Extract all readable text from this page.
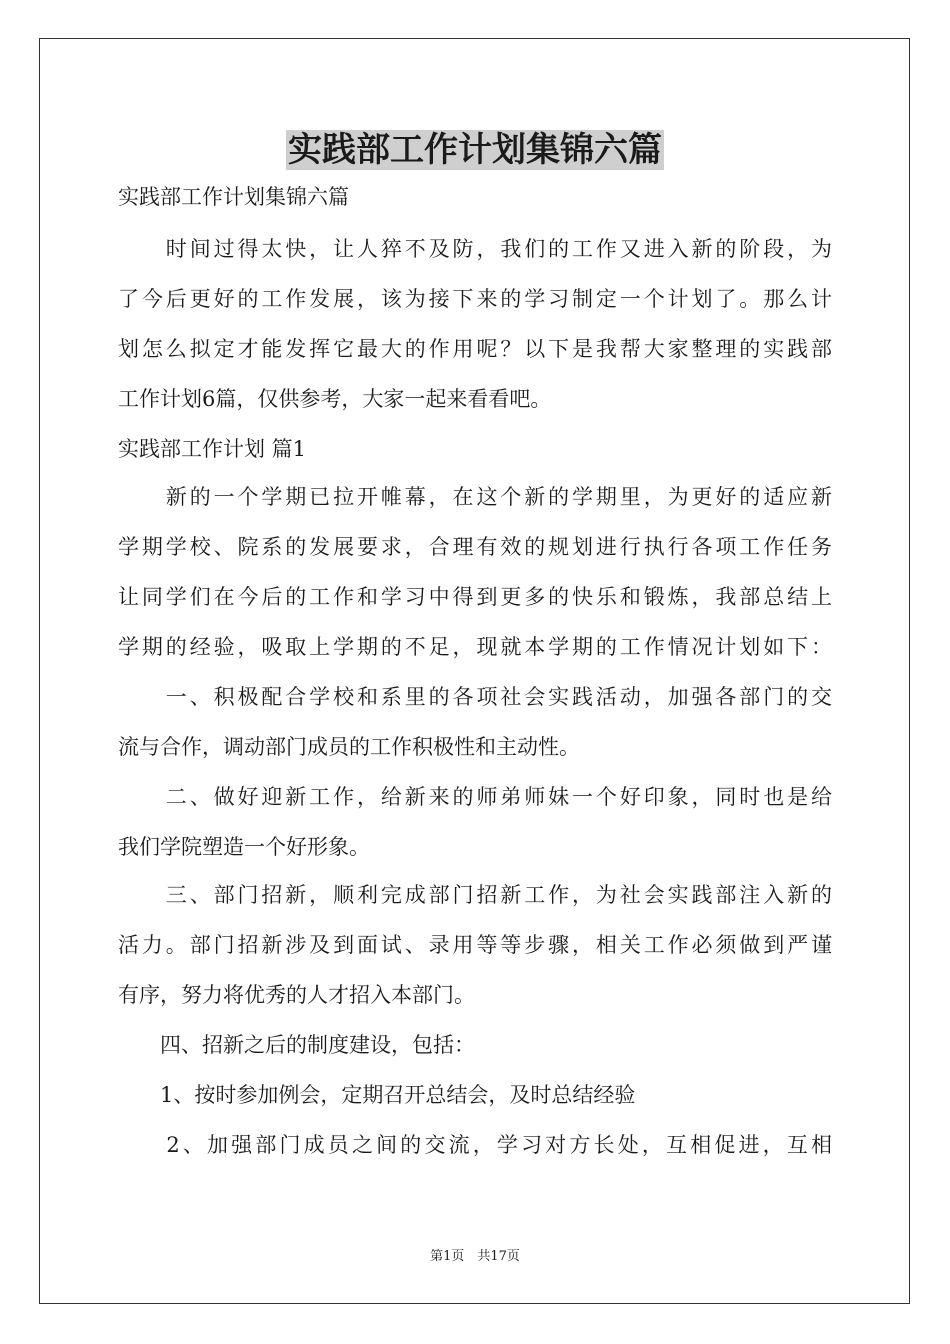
实践部工作计划集锦六篇
实践部工作计划集锦六篇
　　时间过得太快，让人猝不及防，我们的工作又进入新的阶段，为
了今后更好的工作发展，该为接下来的学习制定一个计划了。那么计
划怎么拟定才能发挥它最大的作用呢？以下是我帮大家整理的实践部
工作计划6篇，仅供参考，大家一起来看看吧。
实践部工作计划 篇1
　　新的一个学期已拉开帷幕，在这个新的学期里，为更好的适应新
学期学校、院系的发展要求，合理有效的规划进行执行各项工作任务
让同学们在今后的工作和学习中得到更多的快乐和锻炼，我部总结上
学期的经验，吸取上学期的不足，现就本学期的工作情况计划如下：
　　一、积极配合学校和系里的各项社会实践活动，加强各部门的交
流与合作，调动部门成员的工作积极性和主动性。
　　二、做好迎新工作，给新来的师弟师妹一个好印象，同时也是给
我们学院塑造一个好形象。
　　三、部门招新，顺利完成部门招新工作，为社会实践部注入新的
活力。部门招新涉及到面试、录用等等步骤，相关工作必须做到严谨
有序，努力将优秀的人才招入本部门。
　　四、招新之后的制度建设，包括：
　　1、按时参加例会，定期召开总结会，及时总结经验
　　2、加强部门成员之间的交流，学习对方长处，互相促进，互相
第1页　共17页
